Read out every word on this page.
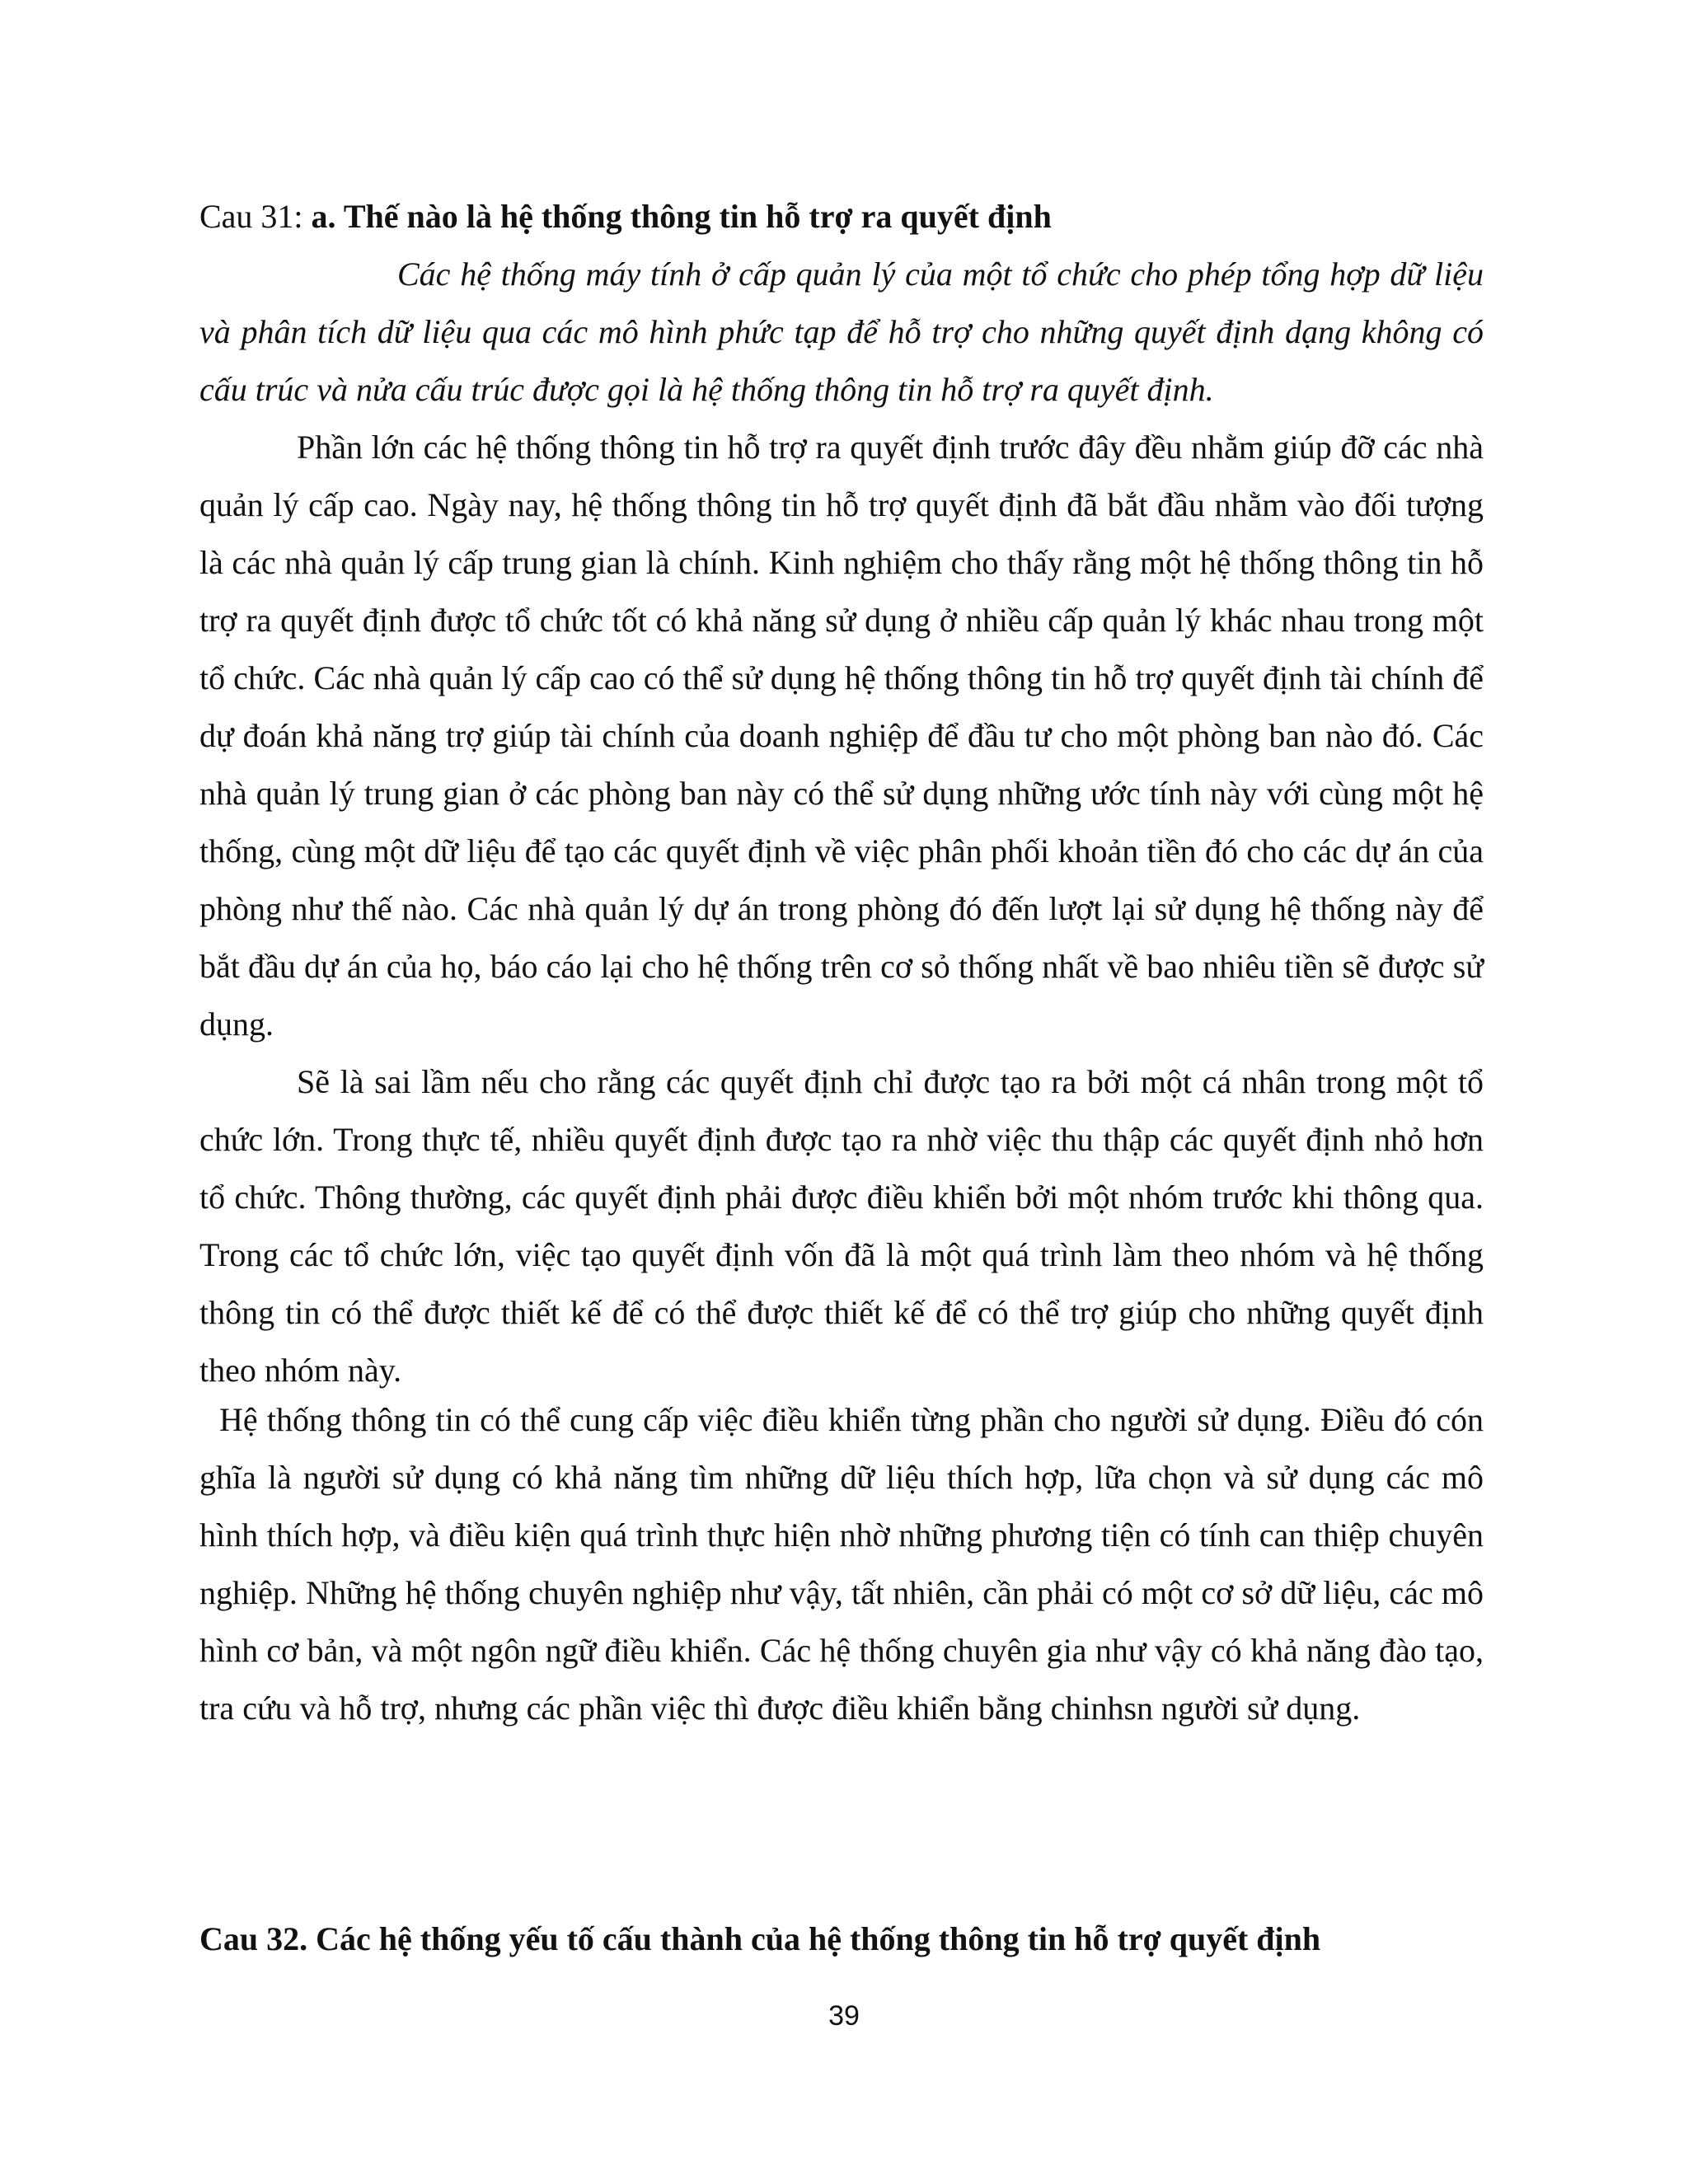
Cau 31: a. Thế nào là hệ thống thông tin hỗ trợ ra quyết định

Các hệ thống máy tính ở cấp quản lý của một tổ chức cho phép tổng hợp dữ liệu và phân tích dữ liệu qua các mô hình phức tạp để hỗ trợ cho những quyết định dạng không có cấu trúc và nửa cấu trúc được gọi là hệ thống thông tin hỗ trợ ra quyết định.

Phần lớn các hệ thống thông tin hỗ trợ ra quyết định trước đây đều nhằm giúp đỡ các nhà quản lý cấp cao. Ngày nay, hệ thống thông tin hỗ trợ quyết định đã bắt đầu nhằm vào đối tượng là các nhà quản lý cấp trung gian là chính. Kinh nghiệm cho thấy rằng một hệ thống thông tin hỗ trợ ra quyết định được tổ chức tốt có khả năng sử dụng ở nhiều cấp quản lý khác nhau trong một tổ chức. Các nhà quản lý cấp cao có thể sử dụng hệ thống thông tin hỗ trợ quyết định tài chính để dự đoán khả năng trợ giúp tài chính của doanh nghiệp để đầu tư cho một phòng ban nào đó. Các nhà quản lý trung gian ở các phòng ban này có thể sử dụng những ước tính này với cùng một hệ thống, cùng một dữ liệu để tạo các quyết định về việc phân phối khoản tiền đó cho các dự án của phòng như thế nào. Các nhà quản lý dự án trong phòng đó đến lượt lại sử dụng hệ thống này để bắt đầu dự án của họ, báo cáo lại cho hệ thống trên cơ sỏ thống nhất về bao nhiêu tiền sẽ được sử dụng.

Sẽ là sai lầm nếu cho rằng các quyết định chỉ được tạo ra bởi một cá nhân trong một tổ chức lớn. Trong thực tế, nhiều quyết định được tạo ra nhờ việc thu thập các quyết định nhỏ hơn tổ chức. Thông thường, các quyết định phải được điều khiển bởi một nhóm trước khi thông qua. Trong các tổ chức lớn, việc tạo quyết định vốn đã là một quá trình làm theo nhóm và hệ thống thông tin có thể được thiết kế để có thể được thiết kế để có thể trợ giúp cho những quyết định theo nhóm này.

Hệ thống thông tin có thể cung cấp việc điều khiển từng phần cho người sử dụng. Điều đó cón ghĩa là người sử dụng có khả năng tìm những dữ liệu thích hợp, lữa chọn và sử dụng các mô hình thích hợp, và điều kiện quá trình thực hiện nhờ những phương tiện có tính can thiệp chuyên nghiệp. Những hệ thống chuyên nghiệp như vậy, tất nhiên, cần phải có một cơ sở dữ liệu, các mô hình cơ bản, và một ngôn ngữ điều khiển. Các hệ thống chuyên gia như vậy có khả năng đào tạo, tra cứu và hỗ trợ, nhưng các phần việc thì được điều khiển bằng chinhsn người sử dụng.

Cau 32. Các hệ thống yếu tố cấu thành của hệ thống thông tin hỗ trợ quyết định

39
